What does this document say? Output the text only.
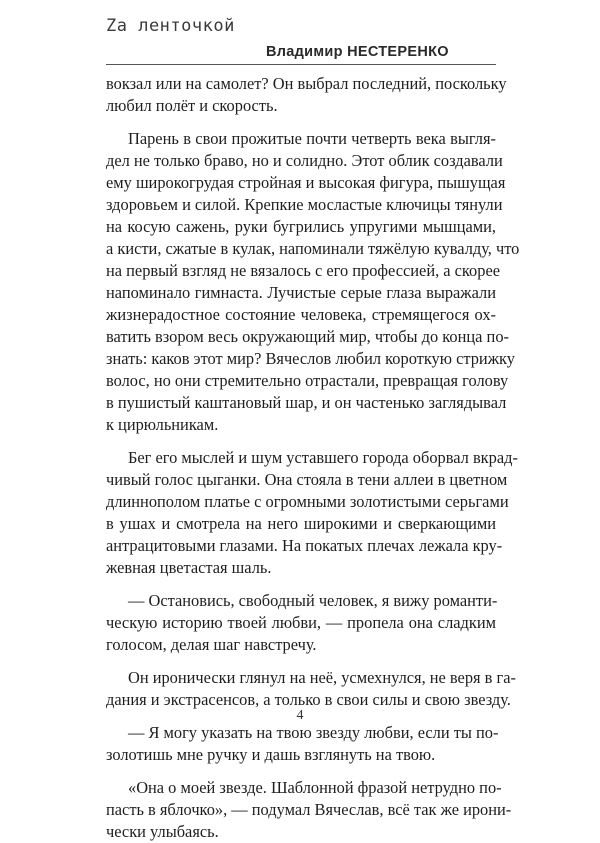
Zа ленточкой
Владимир НЕСТЕРЕНКО
вокзал или на самолет? Он выбрал последний, поскольку
любил полёт и скорость.
Парень в свои прожитые почти четверть века выгля-
дел не только браво, но и солидно. Этот облик создавали
ему широкогрудая стройная и высокая фигура, пышущая
здоровьем и силой. Крепкие мосластые ключицы тянули
на косую сажень, руки бугрились упругими мышцами,
а кисти, сжатые в кулак, напоминали тяжёлую кувалду, что
на первый взгляд не вязалось с его профессией, а скорее
напоминало гимнаста. Лучистые серые глаза выражали
жизнерадостное состояние человека, стремящегося ох-
ватить взором весь окружающий мир, чтобы до конца по-
знать: каков этот мир? Вячеслов любил короткую стрижку
волос, но они стремительно отрастали, превращая голову
в пушистый каштановый шар, и он частенько заглядывал
к цирюльникам.
Бег его мыслей и шум уставшего города оборвал вкрад-
чивый голос цыганки. Она стояла в тени аллеи в цветном
длиннополом платье с огромными золотистыми серьгами
в ушах и смотрела на него широкими и сверкающими
антрацитовыми глазами. На покатых плечах лежала кру-
жевная цветастая шаль.
— Остановись, свободный человек, я вижу романти-
ческую историю твоей любви, — пропела она сладким
голосом, делая шаг навстречу.
Он иронически глянул на неё, усмехнулся, не веря в га-
дания и экстрасенсов, а только в свои силы и свою звезду.
— Я могу указать на твою звезду любви, если ты по-
золотишь мне ручку и дашь взглянуть на твою.
«Она о моей звезде. Шаблонной фразой нетрудно по-
пасть в яблочко», — подумал Вячеслав, всё так же ирони-
чески улыбаясь.
4
